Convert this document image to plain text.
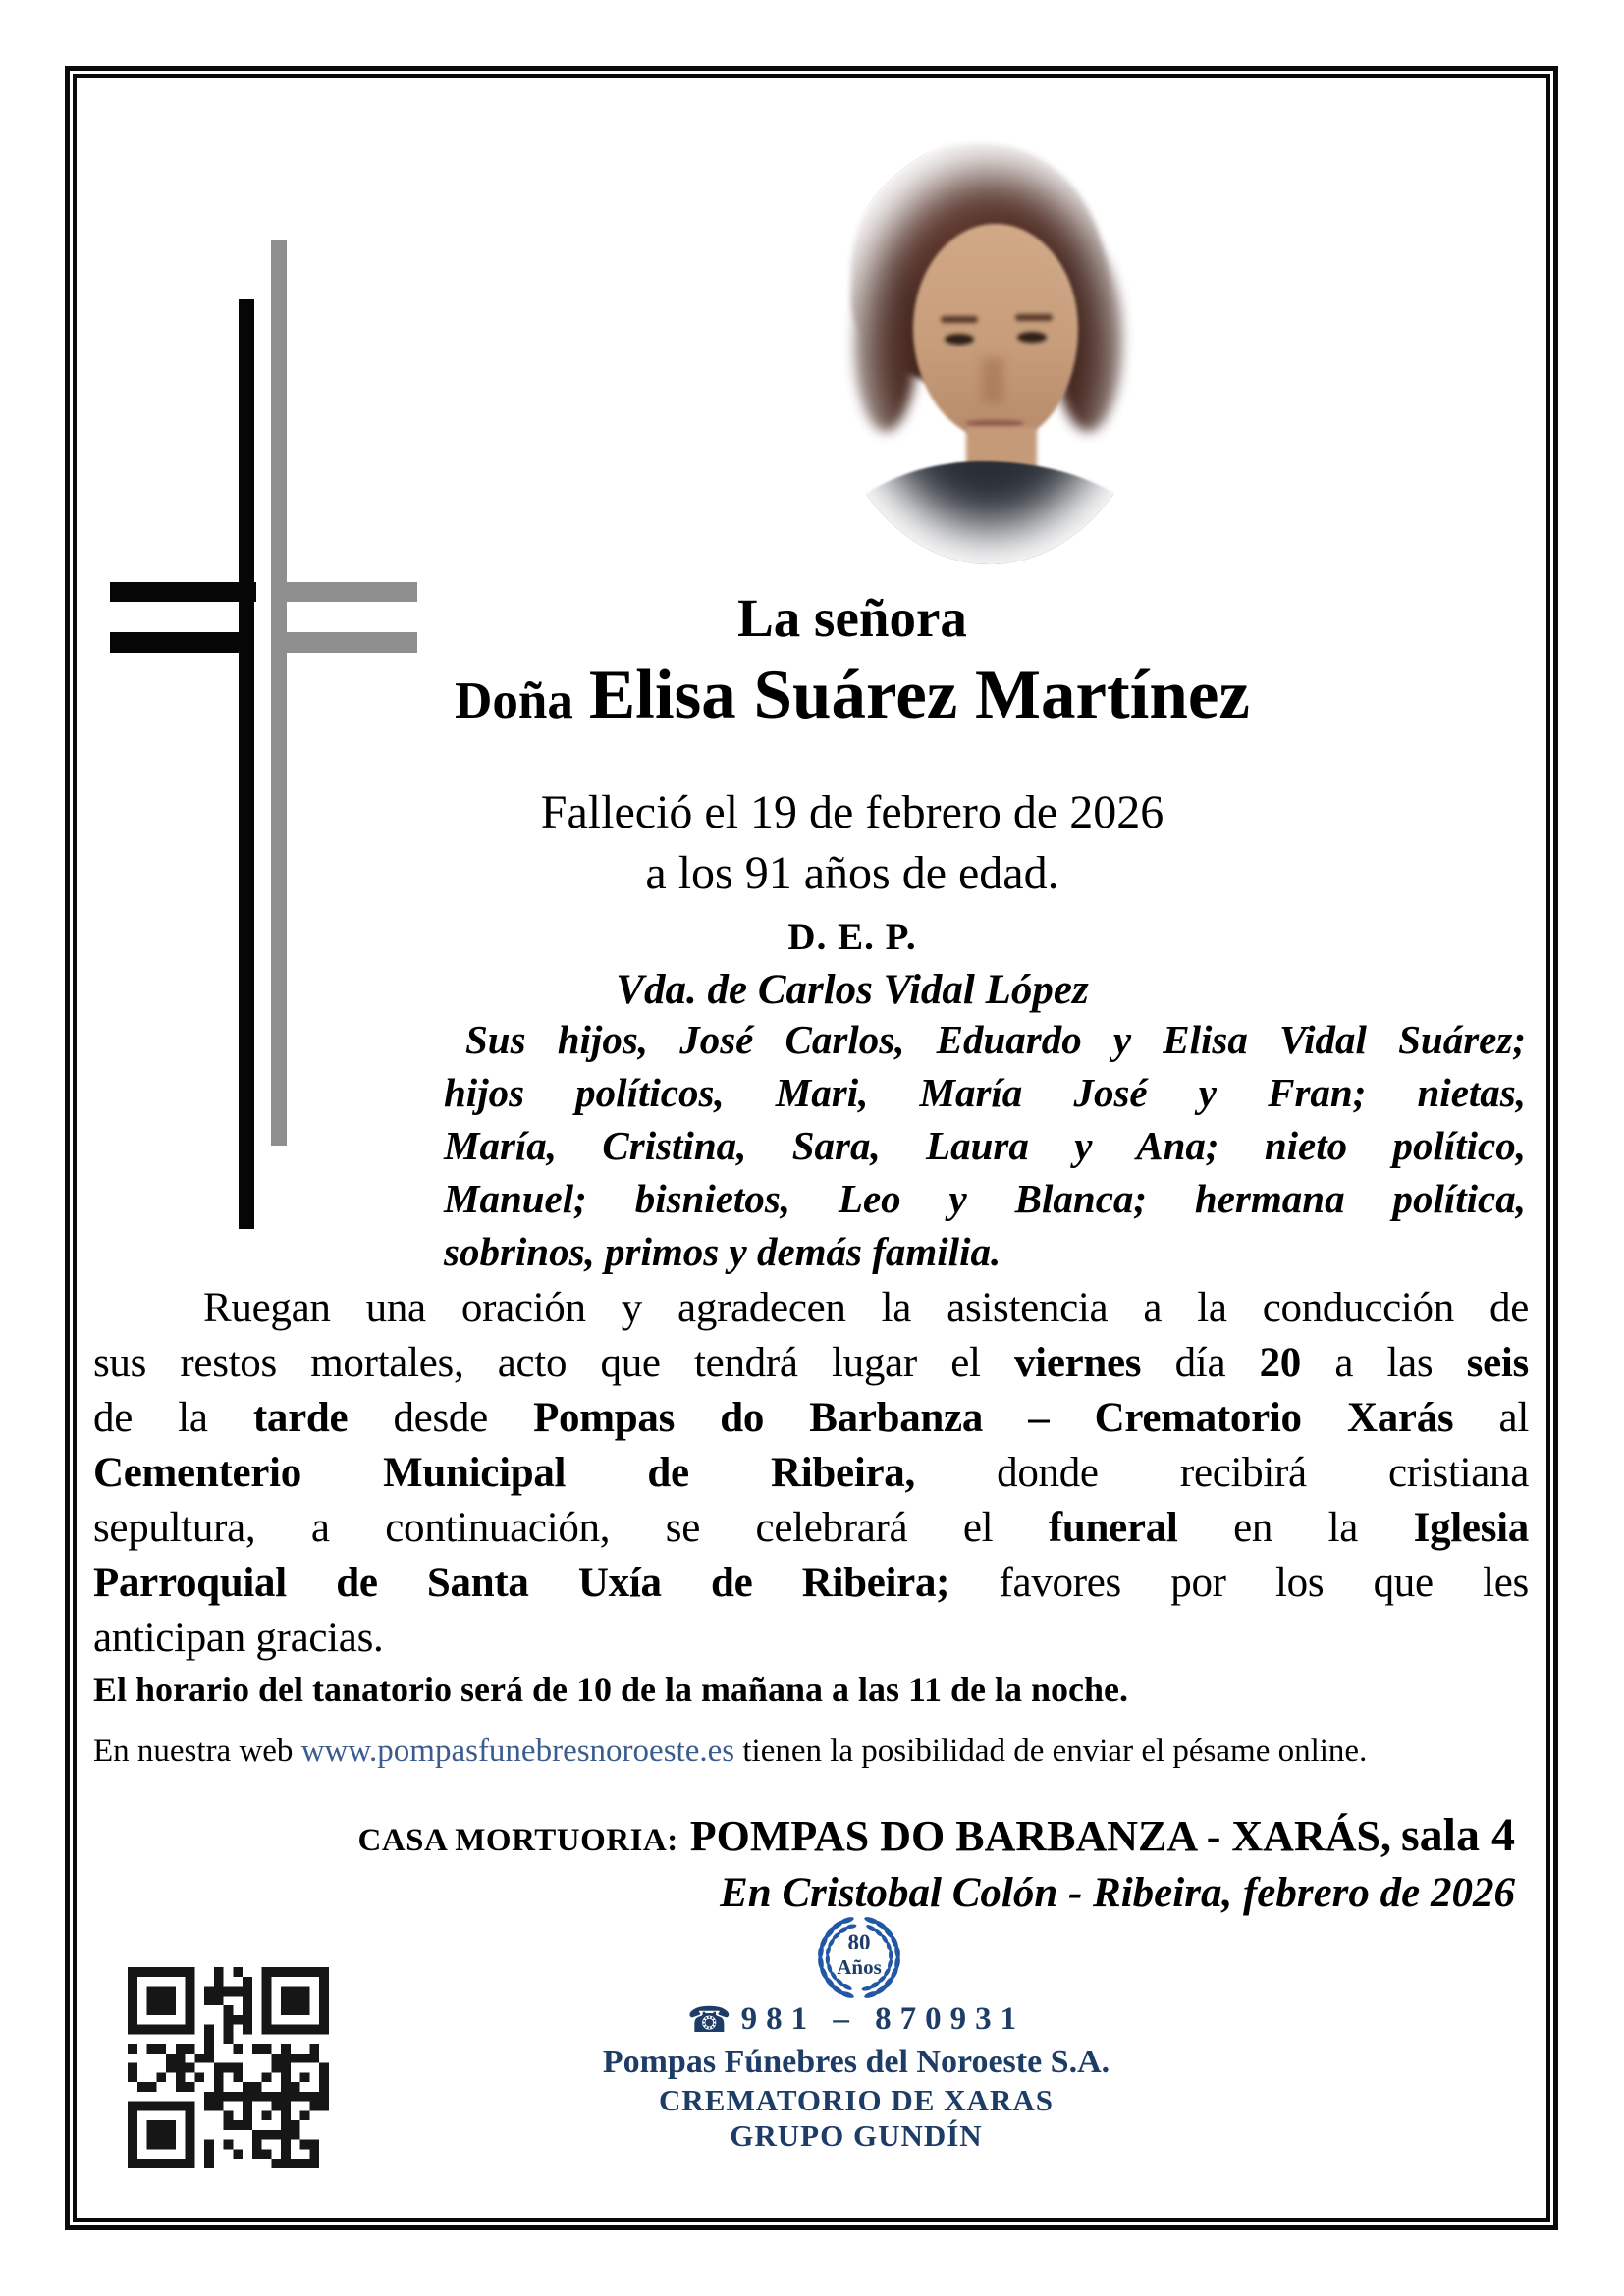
La señora
Doña Elisa Suárez Martínez
Falleció el 19 de febrero de 2026
a los 91 años de edad.
D. E. P.
Vda. de Carlos Vidal López
Sus hijos, José Carlos, Eduardo y Elisa Vidal Suárez;
hijos políticos, Mari, María José y Fran; nietas,
María, Cristina, Sara, Laura y Ana; nieto político,
Manuel; bisnietos, Leo y Blanca; hermana política,
sobrinos, primos y demás familia.
Ruegan una oración y agradecen la asistencia a la conducción de
sus restos mortales, acto que tendrá lugar el viernes día 20 a las seis
de la tarde desde Pompas do Barbanza – Crematorio Xarás al
Cementerio Municipal de Ribeira, donde recibirá cristiana
sepultura, a continuación, se celebrará el funeral en la Iglesia
Parroquial de Santa Uxía de Ribeira; favores por los que les
anticipan gracias.
El horario del tanatorio será de 10 de la mañana a las 11 de la noche.
En nuestra web www.pompasfunebresnoroeste.es tienen la posibilidad de enviar el pésame online.
CASA MORTUORIA: POMPAS DO BARBANZA - XARÁS, sala 4
En Cristobal Colón - Ribeira, febrero de 2026
80
Años
☎ 981 – 870931
Pompas Fúnebres del Noroeste S.A.
CREMATORIO DE XARAS
GRUPO GUNDÍN
